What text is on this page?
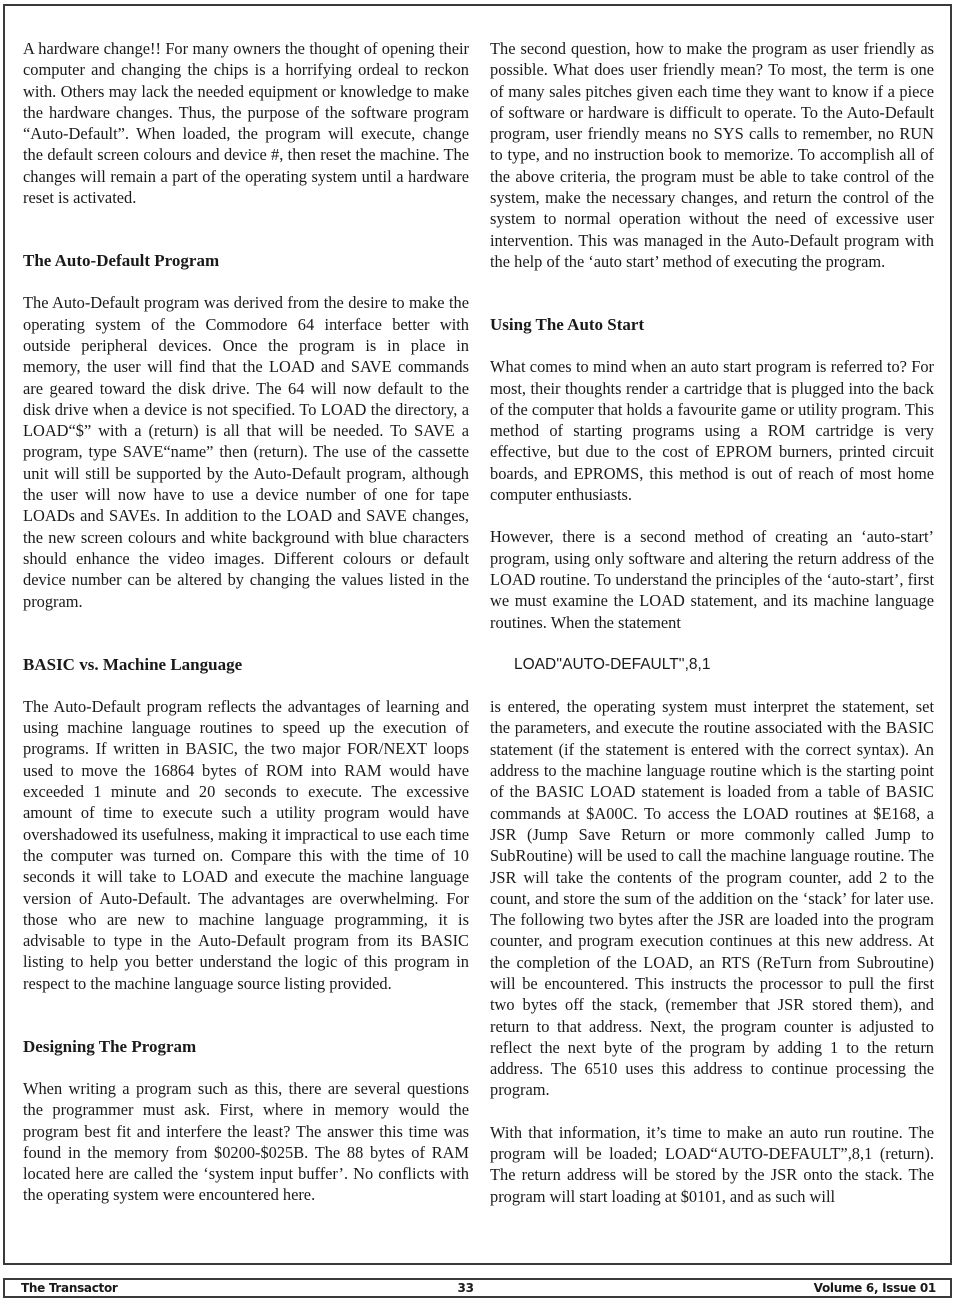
A hardware change!! For many owners the thought of opening their computer and changing the chips is a horrifying ordeal to reckon with. Others may lack the needed equipment or knowledge to make the hardware changes. Thus, the purpose of the software program “Auto-Default”. When loaded, the program will execute, change the default screen colours and device #, then reset the machine. The changes will remain a part of the operating system until a hardware reset is activated.

The Auto-Default Program

The Auto-Default program was derived from the desire to make the operating system of the Commodore 64 interface better with outside peripheral devices. Once the program is in place in memory, the user will find that the LOAD and SAVE commands are geared toward the disk drive. The 64 will now default to the disk drive when a device is not specified. To LOAD the directory, a LOAD“$” with a (return) is all that will be needed. To SAVE a program, type SAVE“name” then (return). The use of the cassette unit will still be supported by the Auto-Default program, although the user will now have to use a device number of one for tape LOADs and SAVEs. In addition to the LOAD and SAVE changes, the new screen colours and white background with blue characters should enhance the video images. Different colours or default device number can be altered by changing the values listed in the program.

BASIC vs. Machine Language

The Auto-Default program reflects the advantages of learning and using machine language routines to speed up the execution of programs. If written in BASIC, the two major FOR/NEXT loops used to move the 16864 bytes of ROM into RAM would have exceeded 1 minute and 20 seconds to execute. The excessive amount of time to execute such a utility program would have overshadowed its usefulness, making it impractical to use each time the computer was turned on. Compare this with the time of 10 seconds it will take to LOAD and execute the machine language version of Auto-Default. The advantages are overwhelming. For those who are new to machine language programming, it is advisable to type in the Auto-Default program from its BASIC listing to help you better understand the logic of this program in respect to the machine language source listing provided.

Designing The Program

When writing a program such as this, there are several questions the programmer must ask. First, where in memory would the program best fit and interfere the least? The answer this time was found in the memory from $0200-$025B. The 88 bytes of RAM located here are called the ‘system input buffer’. No conflicts with the operating system were encountered here.

The second question, how to make the program as user friendly as possible. What does user friendly mean? To most, the term is one of many sales pitches given each time they want to know if a piece of software or hardware is difficult to operate. To the Auto-Default program, user friendly means no SYS calls to remember, no RUN to type, and no instruction book to memorize. To accomplish all of the above criteria, the program must be able to take control of the system, make the necessary changes, and return the control of the system to normal operation without the need of excessive user intervention. This was managed in the Auto-Default program with the help of the ‘auto start’ method of executing the program.

Using The Auto Start

What comes to mind when an auto start program is referred to? For most, their thoughts render a cartridge that is plugged into the back of the computer that holds a favourite game or utility program. This method of starting programs using a ROM cartridge is very effective, but due to the cost of EPROM burners, printed circuit boards, and EPROMS, this method is out of reach of most home computer enthusiasts.

However, there is a second method of creating an ‘auto-start’ program, using only software and altering the return address of the LOAD routine. To understand the principles of the ‘auto-start’, first we must examine the LOAD statement, and its machine language routines. When the statement

LOAD''AUTO-DEFAULT'',8,1

is entered, the operating system must interpret the statement, set the parameters, and execute the routine associated with the BASIC statement (if the statement is entered with the correct syntax). An address to the machine language routine which is the starting point of the BASIC LOAD statement is loaded from a table of BASIC commands at $A00C. To access the LOAD routines at $E168, a JSR (Jump Save Return or more commonly called Jump to SubRoutine) will be used to call the machine language routine. The JSR will take the contents of the program counter, add 2 to the count, and store the sum of the addition on the ‘stack’ for later use. The following two bytes after the JSR are loaded into the program counter, and program execution continues at this new address. At the completion of the LOAD, an RTS (ReTurn from Subroutine) will be encountered. This instructs the processor to pull the first two bytes off the stack, (remember that JSR stored them), and return to that address. Next, the program counter is adjusted to reflect the next byte of the program by adding 1 to the return address. The 6510 uses this address to continue processing the program.

With that information, it’s time to make an auto run routine. The program will be loaded; LOAD“AUTO-DEFAULT”,8,1 (return). The return address will be stored by the JSR onto the stack. The program will start loading at $0101, and as such will

The Transactor	33	Volume 6, Issue 01
